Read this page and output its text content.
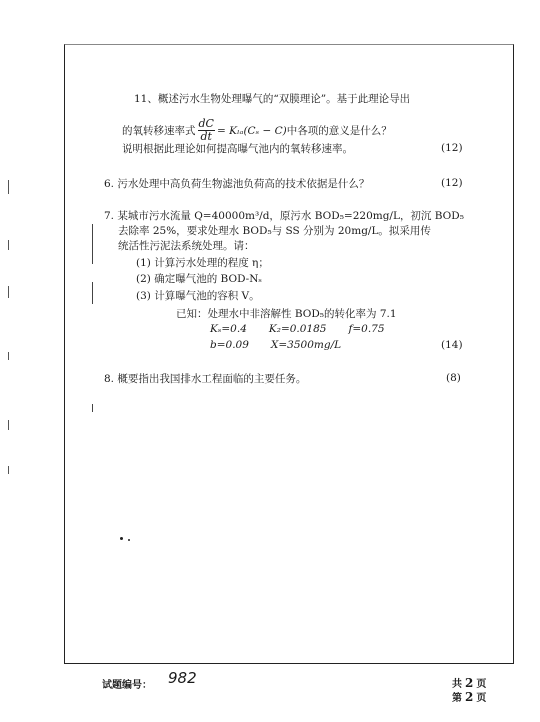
11、概述污水生物处理曝气的“双膜理论”。基于此理论导出
的氧转移速率式 $\frac{dC}{dt} = K_{la}(C_s - C)$ 中各项的意义是什么？
说明根据此理论如何提高曝气池内的氧转移速率。	(12)
6. 污水处理中高负荷生物滤池负荷高的技术依据是什么？	(12)
7. 某城市污水流量 Q=40000m³/d，原污水 BOD₅=220mg/L，初沉 BOD₅
去除率 25%，要求处理水 BOD₅与 SS 分别为 20mg/L。拟采用传
统活性污泥法系统处理。请：
(1) 计算污水处理的程度 η；
(2) 确定曝气池的 BOD-Nₛ
(3) 计算曝气池的容积 V。
已知：处理水中非溶解性 BOD₅的转化率为 7.1
Kₛ=0.4 K₂=0.0185 f=0.75
b=0.09 X=3500mg/L	(14)
8. 概要指出我国排水工程面临的主要任务。	(8)
试题编号： 982	共 2 页
第 2 页
